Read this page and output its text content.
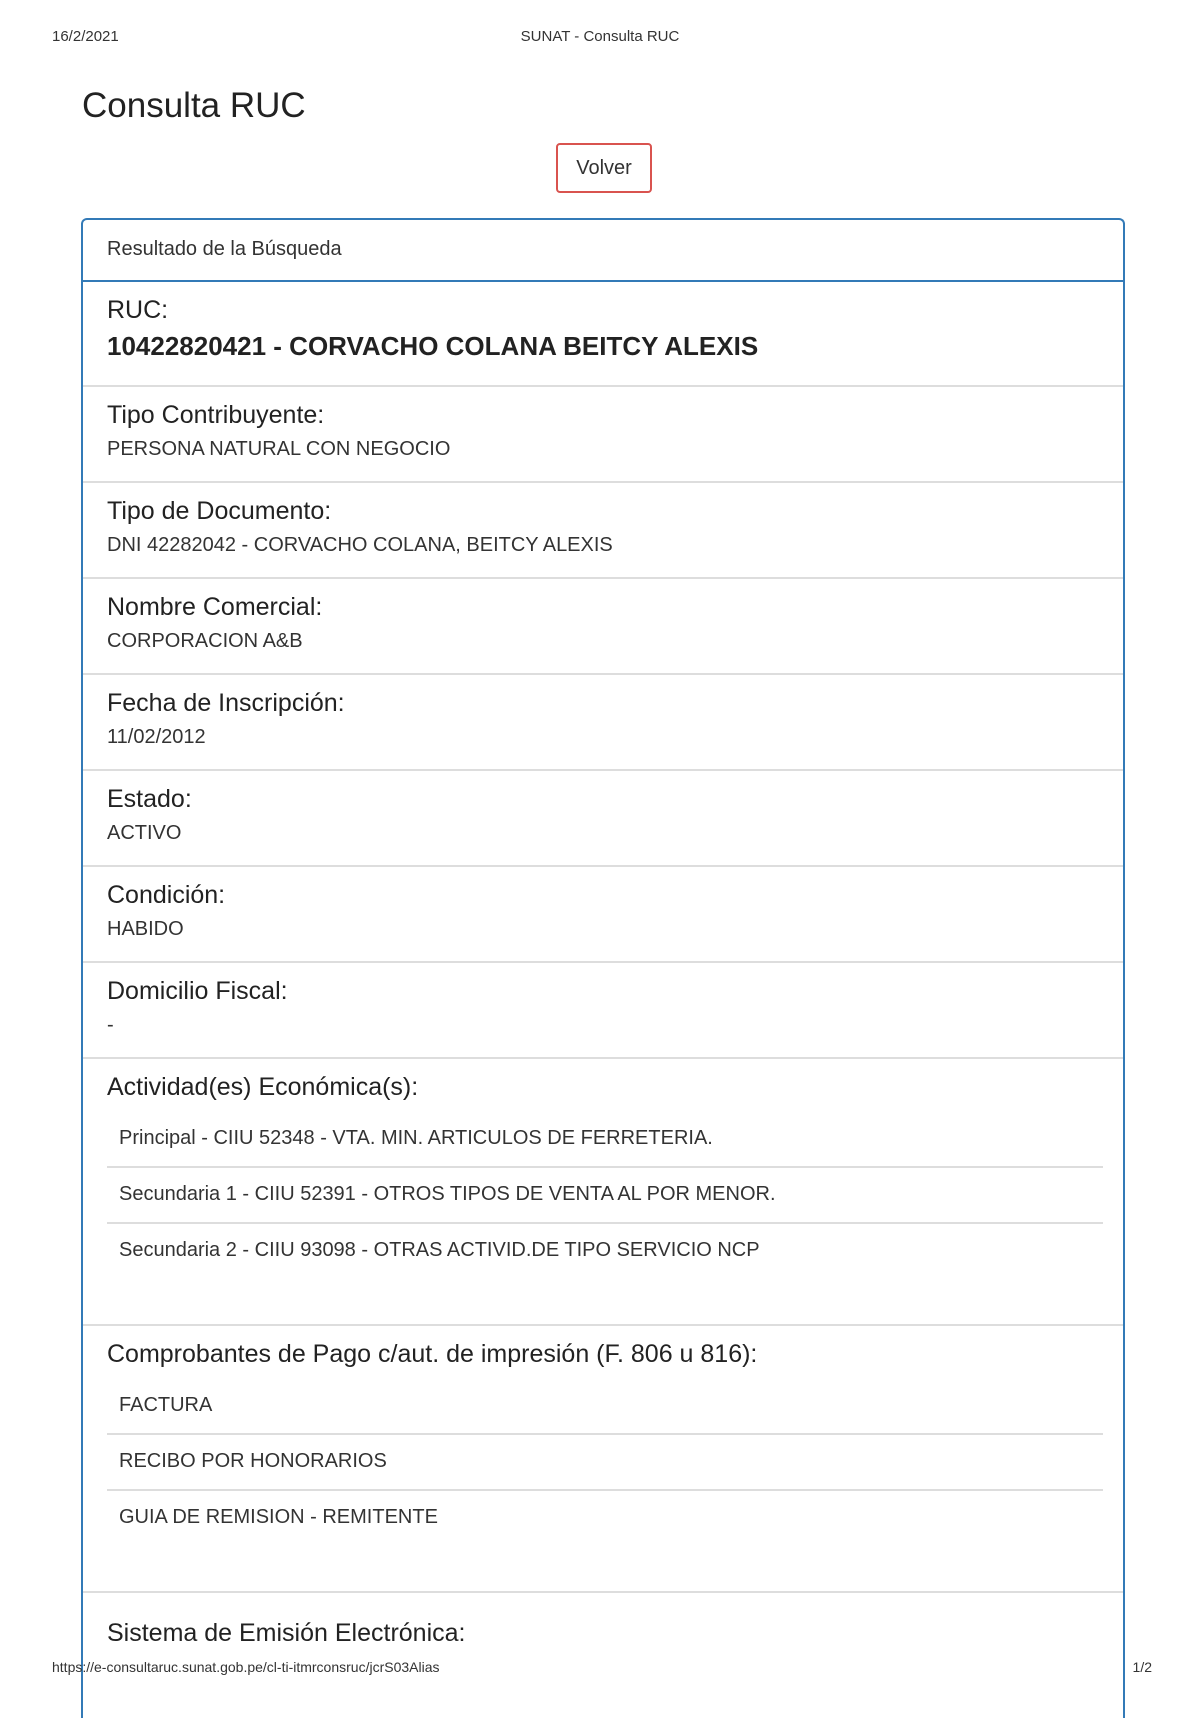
16/2/2021	SUNAT - Consulta RUC
Consulta RUC
Volver
Resultado de la Búsqueda
RUC:
10422820421 - CORVACHO COLANA BEITCY ALEXIS
Tipo Contribuyente:

PERSONA NATURAL CON NEGOCIO

Tipo de Documento:

DNI 42282042 - CORVACHO COLANA, BEITCY ALEXIS

Nombre Comercial:

CORPORACION A&B

Fecha de Inscripción:

11/02/2012

Estado:

ACTIVO

Condición:

HABIDO

Domicilio Fiscal:

-

Actividad(es) Económica(s):
Principal - CIIU 52348 - VTA. MIN. ARTICULOS DE FERRETERIA.
Secundaria 1 - CIIU 52391 - OTROS TIPOS DE VENTA AL POR MENOR.
Secundaria 2 - CIIU 93098 - OTRAS ACTIVID.DE TIPO SERVICIO NCP
Comprobantes de Pago c/aut. de impresión (F. 806 u 816):
FACTURA
RECIBO POR HONORARIOS
GUIA DE REMISION - REMITENTE
Sistema de Emisión Electrónica:
https://e-consultaruc.sunat.gob.pe/cl-ti-itmrconsruc/jcrS03Alias	1/2
